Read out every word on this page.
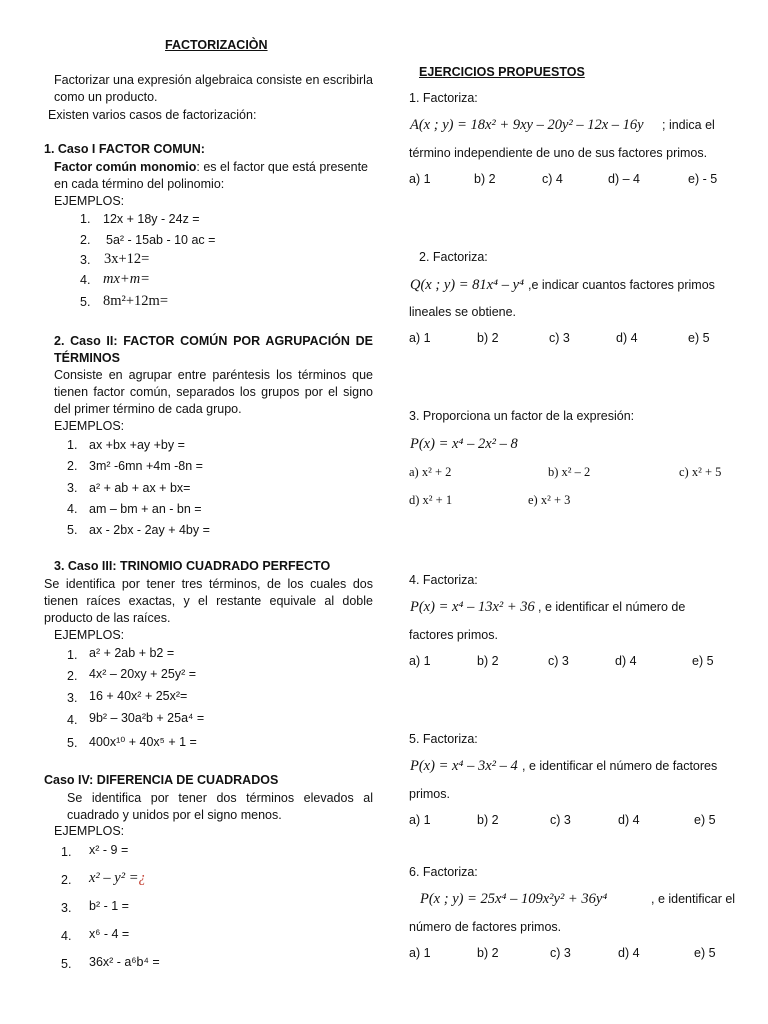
FACTORIZACIÒN
Factorizar una expresión algebraica consiste en escribirla como un producto.
Existen varios casos de factorización:
1. Caso I FACTOR COMUN:
Factor común monomio: es el factor que está presente en cada término del polinomio:
EJEMPLOS:
1. 12x + 18y - 24z =
2. 5a² - 15ab - 10 ac =
3. 3x+12=
4. mx+m=
5. 8m²+12m=
2. Caso II: FACTOR COMÚN POR AGRUPACIÓN DE TÉRMINOS
Consiste en agrupar entre paréntesis los términos que tienen factor común, separados los grupos por el signo del primer término de cada grupo.
EJEMPLOS:
1. ax +bx +ay +by =
2. 3m² -6mn +4m -8n =
3. a² + ab + ax + bx=
4. am – bm + an - bn =
5. ax - 2bx - 2ay + 4by =
3. Caso III: TRINOMIO CUADRADO PERFECTO
Se identifica por tener tres términos, de los cuales dos tienen raíces exactas, y el restante equivale al doble producto de las raíces.
EJEMPLOS:
1. a² + 2ab + b2 =
2. 4x² – 20xy + 25y² =
3. 16 + 40x² + 25x²=
4. 9b² – 30a²b + 25a⁴ =
5. 400x¹⁰ + 40x⁵ + 1 =
Caso IV: DIFERENCIA DE CUADRADOS
Se identifica por tener dos términos elevados al cuadrado y unidos por el signo menos.
EJEMPLOS:
1. x² - 9 =
2. x² – y² =¿
3. b² - 1 =
4. x⁶ - 4 =
5. 36x² - a⁶b⁴ =
EJERCICIOS PROPUESTOS
1. Factoriza:
A(x ; y) = 18x² + 9xy – 20y² – 12x – 16y ; indica el
término independiente de uno de sus factores primos.
a) 1	b) 2	c) 4	d) – 4	e) - 5
2. Factoriza:
Q(x ; y) = 81x⁴ – y⁴ ,e indicar cuantos factores primos
lineales se obtiene.
a) 1	b) 2	c) 3	d) 4	e) 5
3. Proporciona un factor de la expresión:
P(x) = x⁴ – 2x² – 8
a) x² + 2	b) x² – 2	c) x² + 5
d) x² + 1	e) x² + 3
4. Factoriza:
P(x) = x⁴ – 13x² + 36 , e identificar el número de
factores primos.
a) 1	b) 2	c) 3	d) 4	e) 5
5. Factoriza:
P(x) = x⁴ – 3x² – 4 , e identificar el número de factores
primos.
a) 1	b) 2	c) 3	d) 4	e) 5
6. Factoriza:
P(x ; y) = 25x⁴ – 109x²y² + 36y⁴	, e identificar el
número de factores primos.
a) 1	b) 2	c) 3	d) 4	e) 5
